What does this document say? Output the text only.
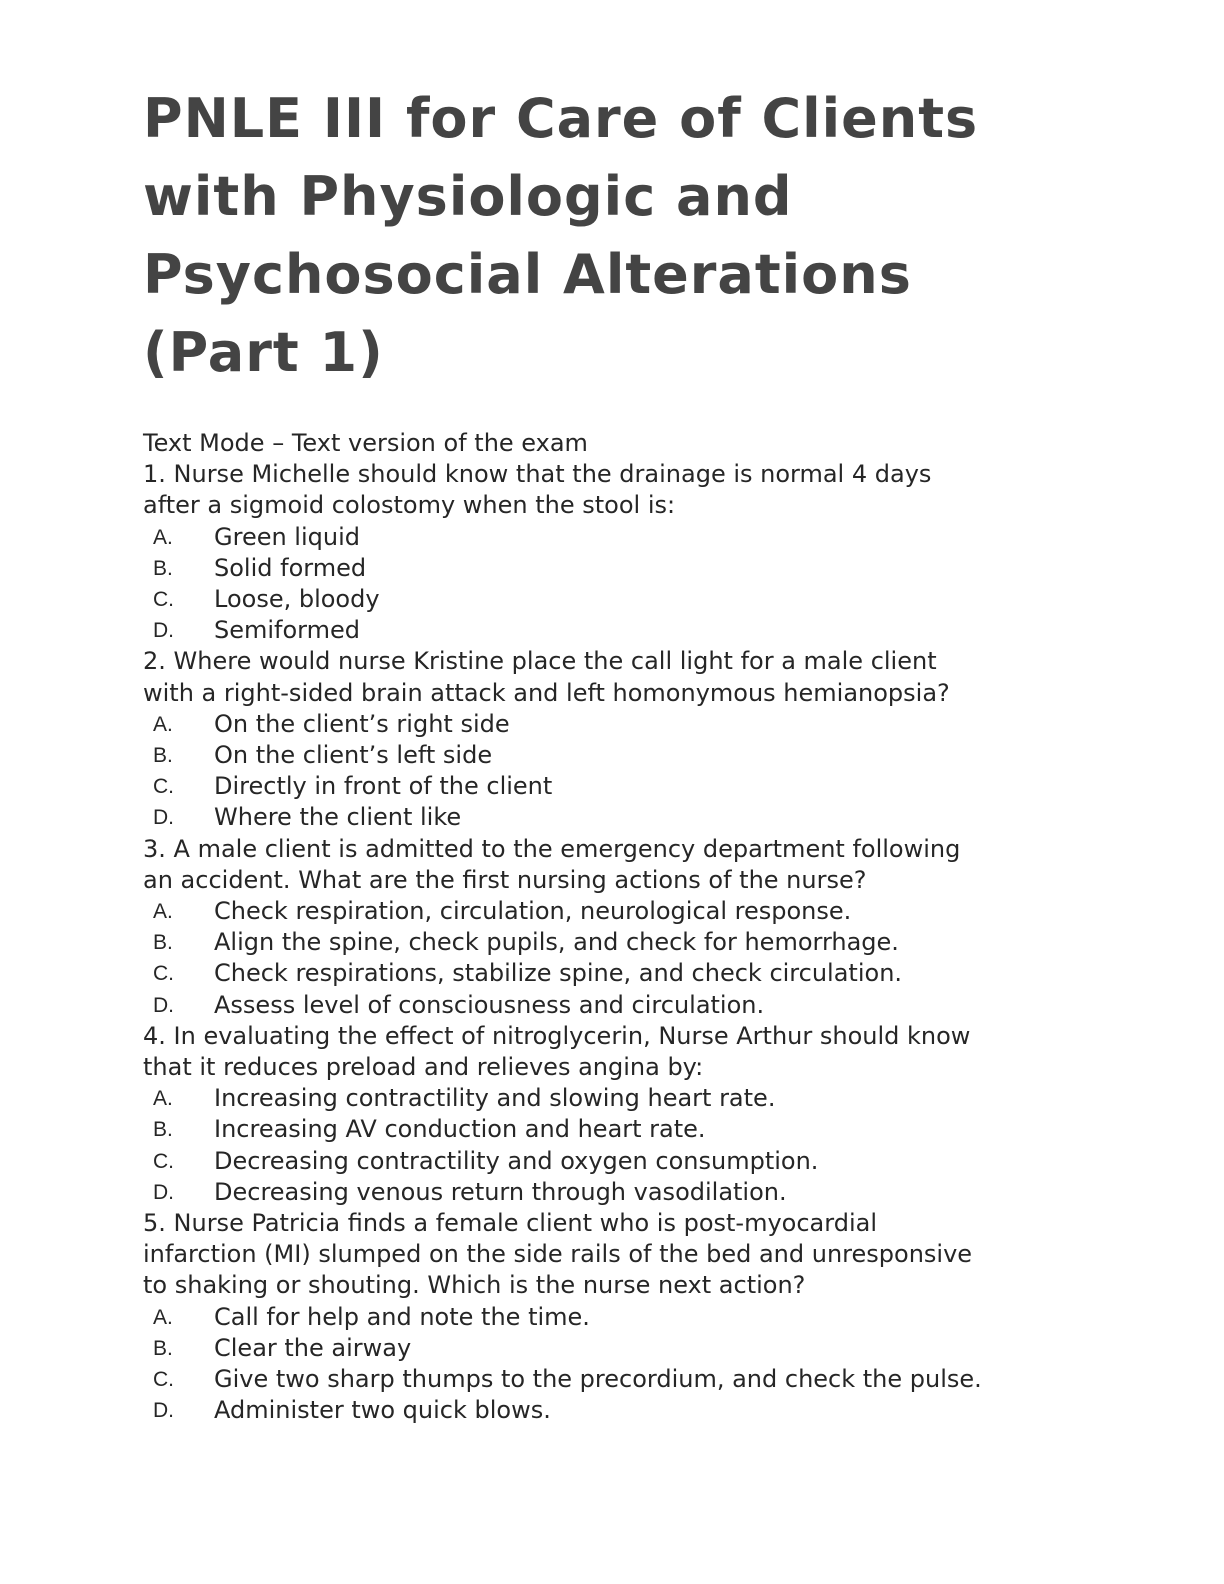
PNLE III for Care of Clients
with Physiologic and
Psychosocial Alterations
(Part 1)
Text Mode – Text version of the exam
1. Nurse Michelle should know that the drainage is normal 4 days
after a sigmoid colostomy when the stool is:
A.	Green liquid
B.	Solid formed
C.	Loose, bloody
D.	Semiformed
2. Where would nurse Kristine place the call light for a male client
with a right-sided brain attack and left homonymous hemianopsia?
A.	On the client’s right side
B.	On the client’s left side
C.	Directly in front of the client
D.	Where the client like
3. A male client is admitted to the emergency department following
an accident. What are the first nursing actions of the nurse?
A.	Check respiration, circulation, neurological response.
B.	Align the spine, check pupils, and check for hemorrhage.
C.	Check respirations, stabilize spine, and check circulation.
D.	Assess level of consciousness and circulation.
4. In evaluating the effect of nitroglycerin, Nurse Arthur should know
that it reduces preload and relieves angina by:
A.	Increasing contractility and slowing heart rate.
B.	Increasing AV conduction and heart rate.
C.	Decreasing contractility and oxygen consumption.
D.	Decreasing venous return through vasodilation.
5. Nurse Patricia finds a female client who is post-myocardial
infarction (MI) slumped on the side rails of the bed and unresponsive
to shaking or shouting. Which is the nurse next action?
A.	Call for help and note the time.
B.	Clear the airway
C.	Give two sharp thumps to the precordium, and check the pulse.
D.	Administer two quick blows.
